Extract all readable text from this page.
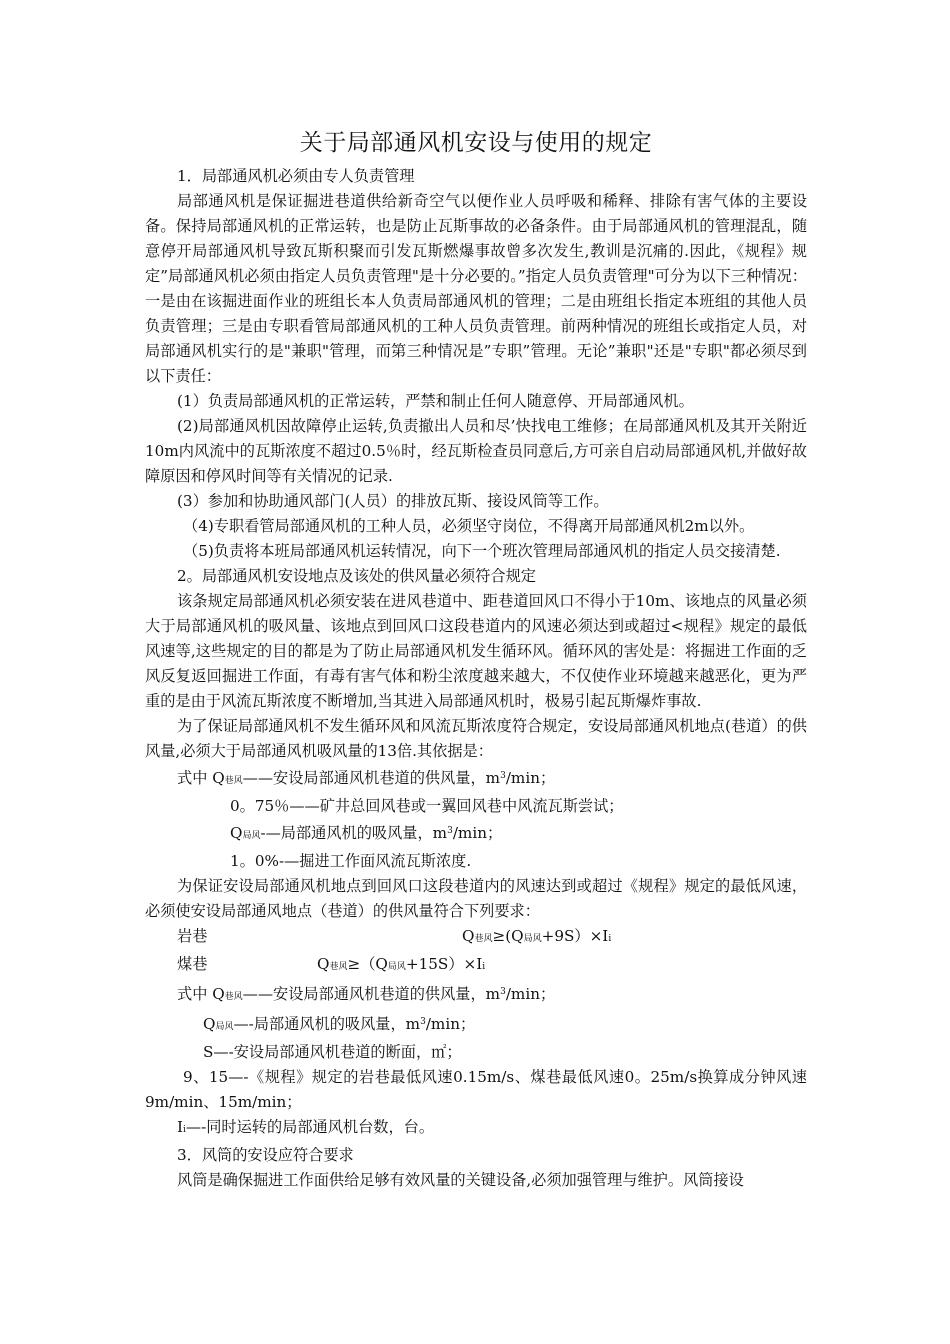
关于局部通风机安设与使用的规定

1．局部通风机必须由专人负责管理

局部通风机是保证掘进巷道供给新奇空气以便作业人员呼吸和稀释、排除有害气体的主要设备。保持局部通风机的正常运转，也是防止瓦斯事故的必备条件。由于局部通风机的管理混乱，随意停开局部通风机导致瓦斯积聚而引发瓦斯燃爆事故曾多次发生,教训是沉痛的.因此，《规程》规定”局部通风机必须由指定人员负责管理"是十分必要的。”指定人员负责管理"可分为以下三种情况：一是由在该掘进面作业的班组长本人负责局部通风机的管理；二是由班组长指定本班组的其他人员负责管理；三是由专职看管局部通风机的工种人员负责管理。前两种情况的班组长或指定人员，对局部通风机实行的是"兼职"管理，而第三种情况是”专职”管理。无论”兼职"还是"专职"都必须尽到以下责任：

(1）负责局部通风机的正常运转，严禁和制止任何人随意停、开局部通风机。

(2)局部通风机因故障停止运转,负责撤出人员和尽’快找电工维修；在局部通风机及其开关附近10m内风流中的瓦斯浓度不超过0.5％时，经瓦斯检查员同意后,方可亲自启动局部通风机,并做好故障原因和停风时间等有关情况的记录.

(3）参加和协助通风部门(人员）的排放瓦斯、接设风筒等工作。

（4)专职看管局部通风机的工种人员，必须坚守岗位，不得离开局部通风机2m以外。

（5)负责将本班局部通风机运转情况，向下一个班次管理局部通风机的指定人员交接清楚.

2。局部通风机安设地点及该处的供风量必须符合规定

该条规定局部通风机必须安装在进风巷道中、距巷道回风口不得小于10m、该地点的风量必须大于局部通风机的吸风量、该地点到回风口这段巷道内的风速必须达到或超过<规程》规定的最低风速等,这些规定的目的都是为了防止局部通风机发生循环风。循环风的害处是：将掘进工作面的乏风反复返回掘进工作面，有毒有害气体和粉尘浓度越来越大，不仅使作业环境越来越恶化，更为严重的是由于风流瓦斯浓度不断增加,当其进入局部通风机时，极易引起瓦斯爆炸事故.

为了保证局部通风机不发生循环风和风流瓦斯浓度符合规定，安设局部通风机地点(巷道）的供风量,必须大于局部通风机吸风量的13倍.其依据是：

式中 Q巷风——安设局部通风机巷道的供风量，$m^3/\min$；

0。75％——矿井总回风巷或一翼回风巷中风流瓦斯尝试；

Q局风-—局部通风机的吸风量，$m^3/\min$；

1。0%-—掘进工作面风流瓦斯浓度.

为保证安设局部通风机地点到回风口这段巷道内的风速达到或超过《规程》规定的最低风速，必须使安设局部通风地点（巷道）的供风量符合下列要求：

岩巷	Q巷风≥(Q局风+9S）×Ii
煤巷	Q巷风≥（Q局风+15S）×Ii

式中 Q巷风——安设局部通风机巷道的供风量，$m^3/\min$；

Q局风—-局部通风机的吸风量，$m^3/\min$；

S—-安设局部通风机巷道的断面，㎡；

9、15—-《规程》规定的岩巷最低风速0.15m/s、煤巷最低风速0。25m/s换算成分钟风速9m/min、15m/min；

Ii—-同时运转的局部通风机台数，台。

3．风筒的安设应符合要求

风筒是确保掘进工作面供给足够有效风量的关键设备,必须加强管理与维护。风筒接设
